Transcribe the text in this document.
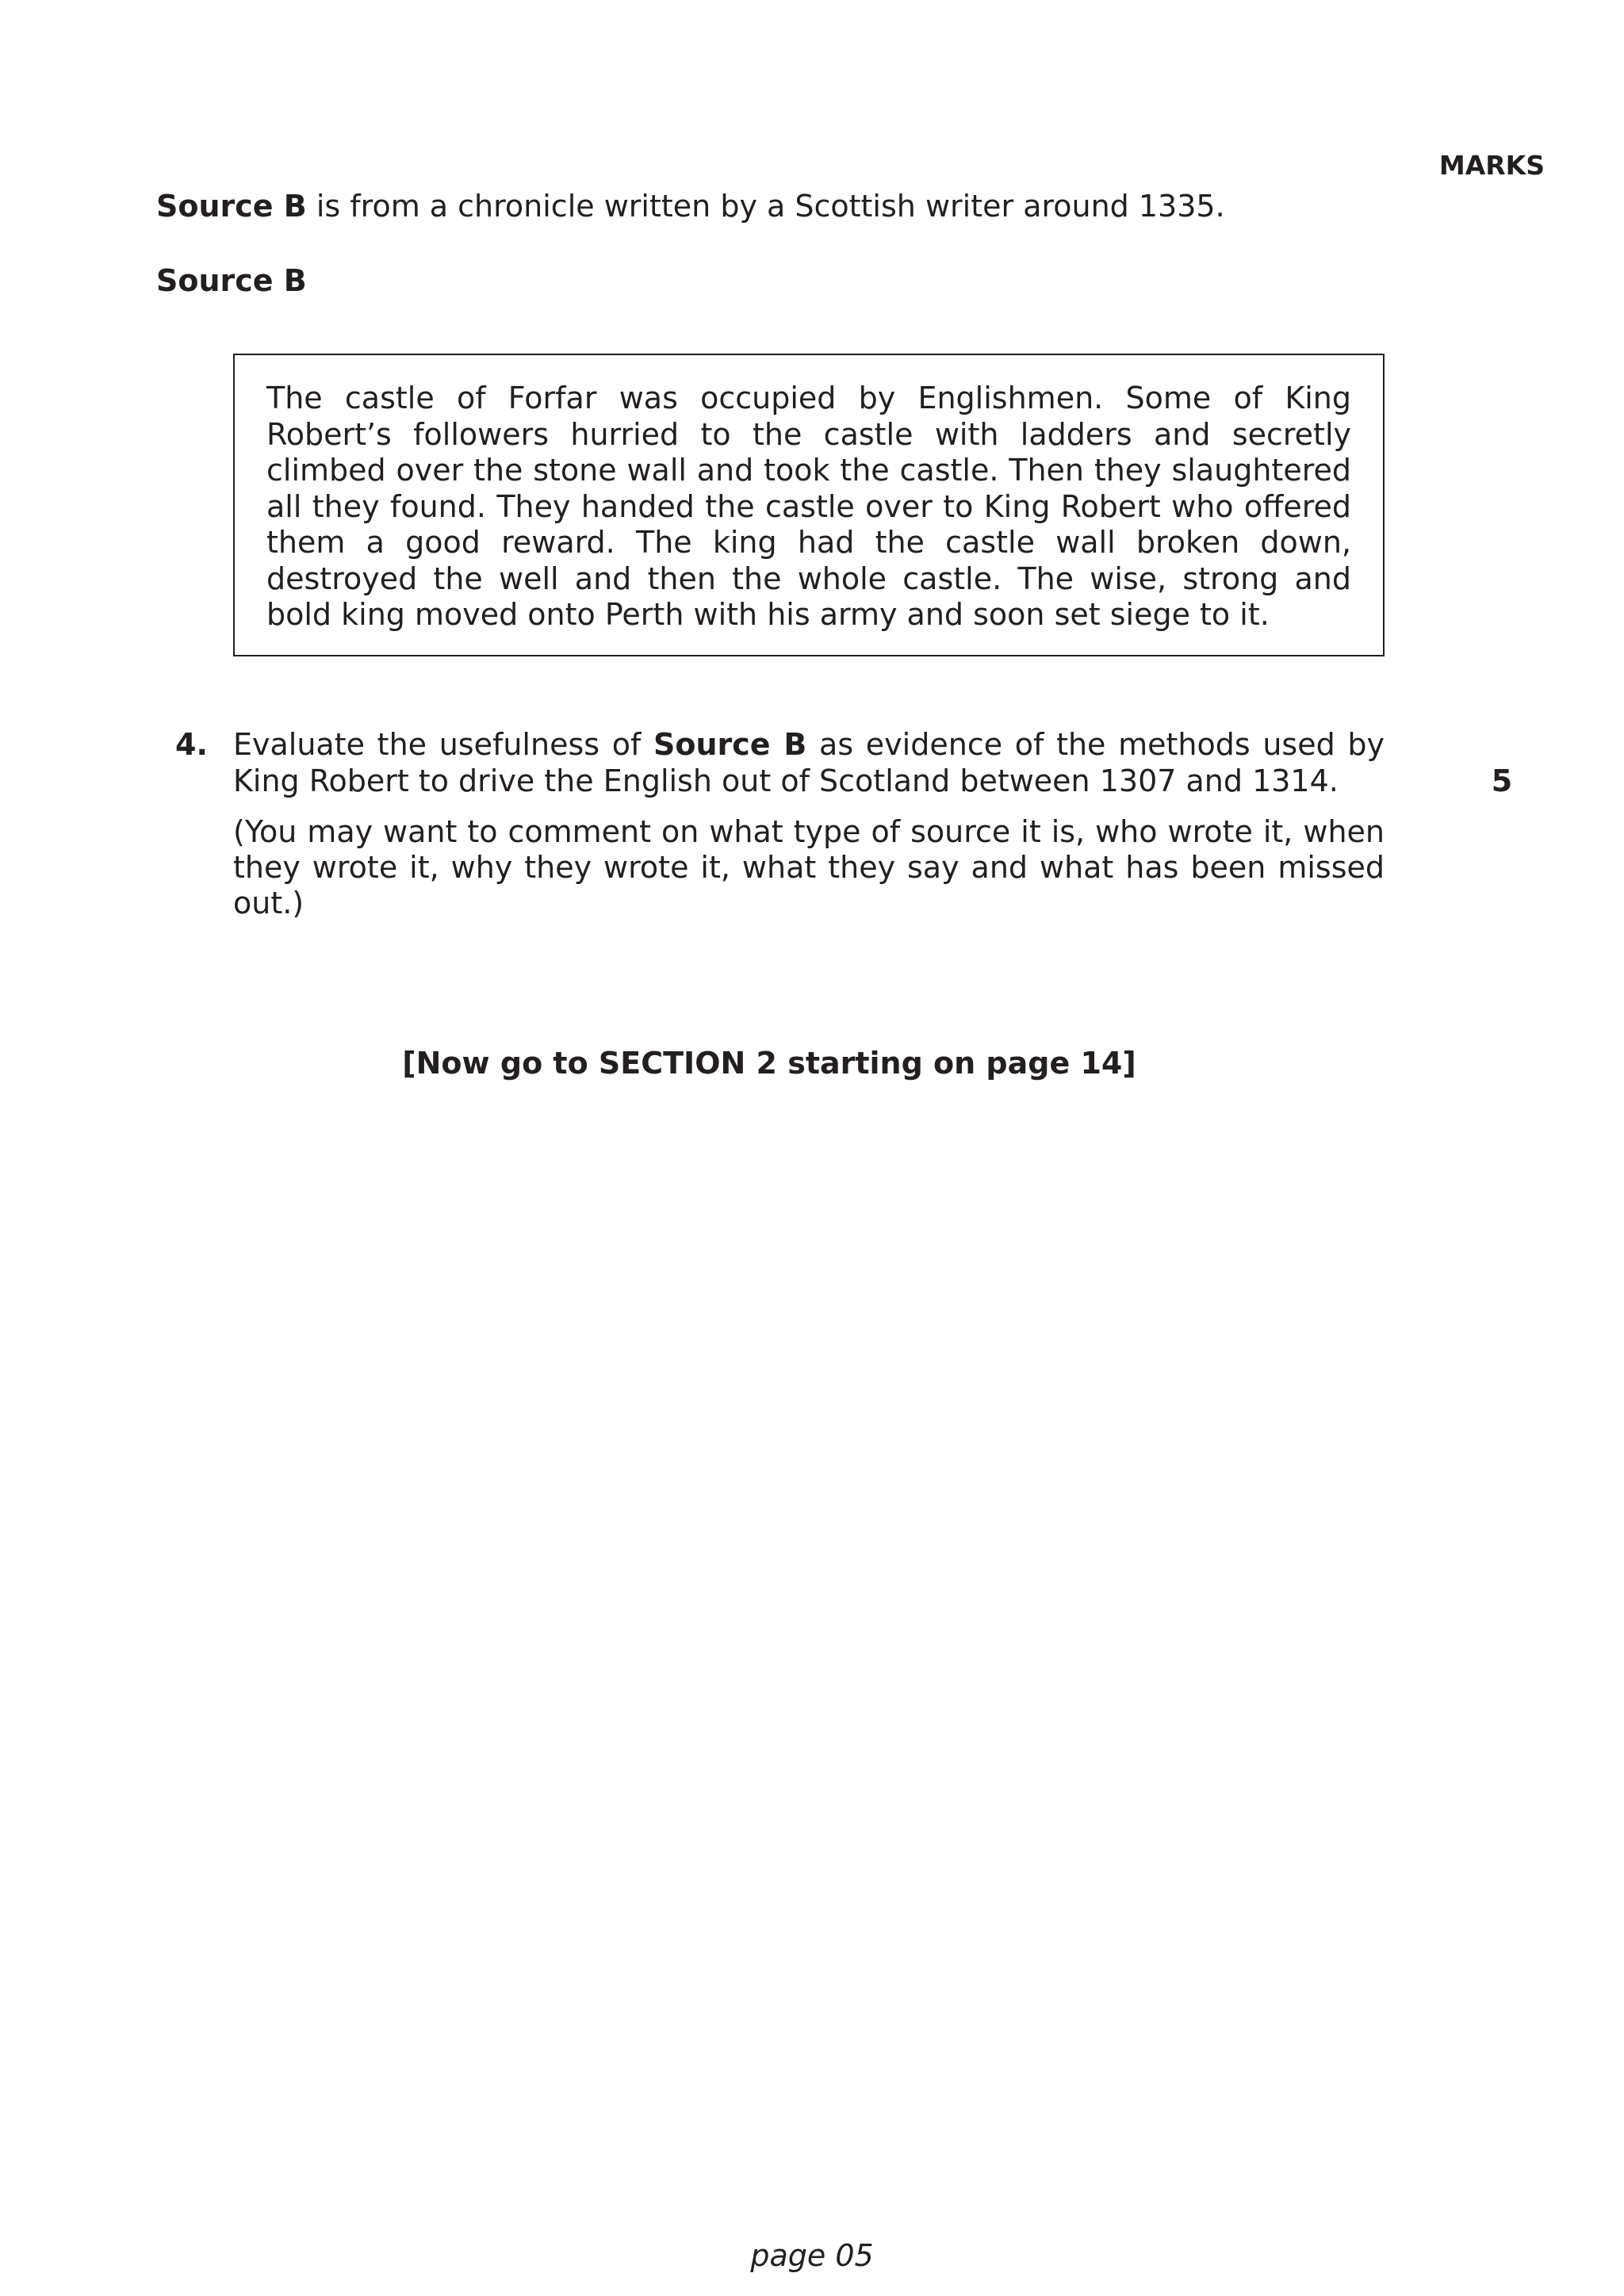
MARKS
Source B is from a chronicle written by a Scottish writer around 1335.
Source B

The castle of Forfar was occupied by Englishmen. Some of King Robert’s followers hurried to the castle with ladders and secretly climbed over the stone wall and took the castle. Then they slaughtered all they found. They handed the castle over to King Robert who offered them a good reward. The king had the castle wall broken down, destroyed the well and then the whole castle. The wise, strong and bold king moved onto Perth with his army and soon set siege to it.

4. Evaluate the usefulness of Source B as evidence of the methods used by King Robert to drive the English out of Scotland between 1307 and 1314.

(You may want to comment on what type of source it is, who wrote it, when they wrote it, why they wrote it, what they say and what has been missed out.)

5
[Now go to SECTION 2 starting on page 14]
page 05
